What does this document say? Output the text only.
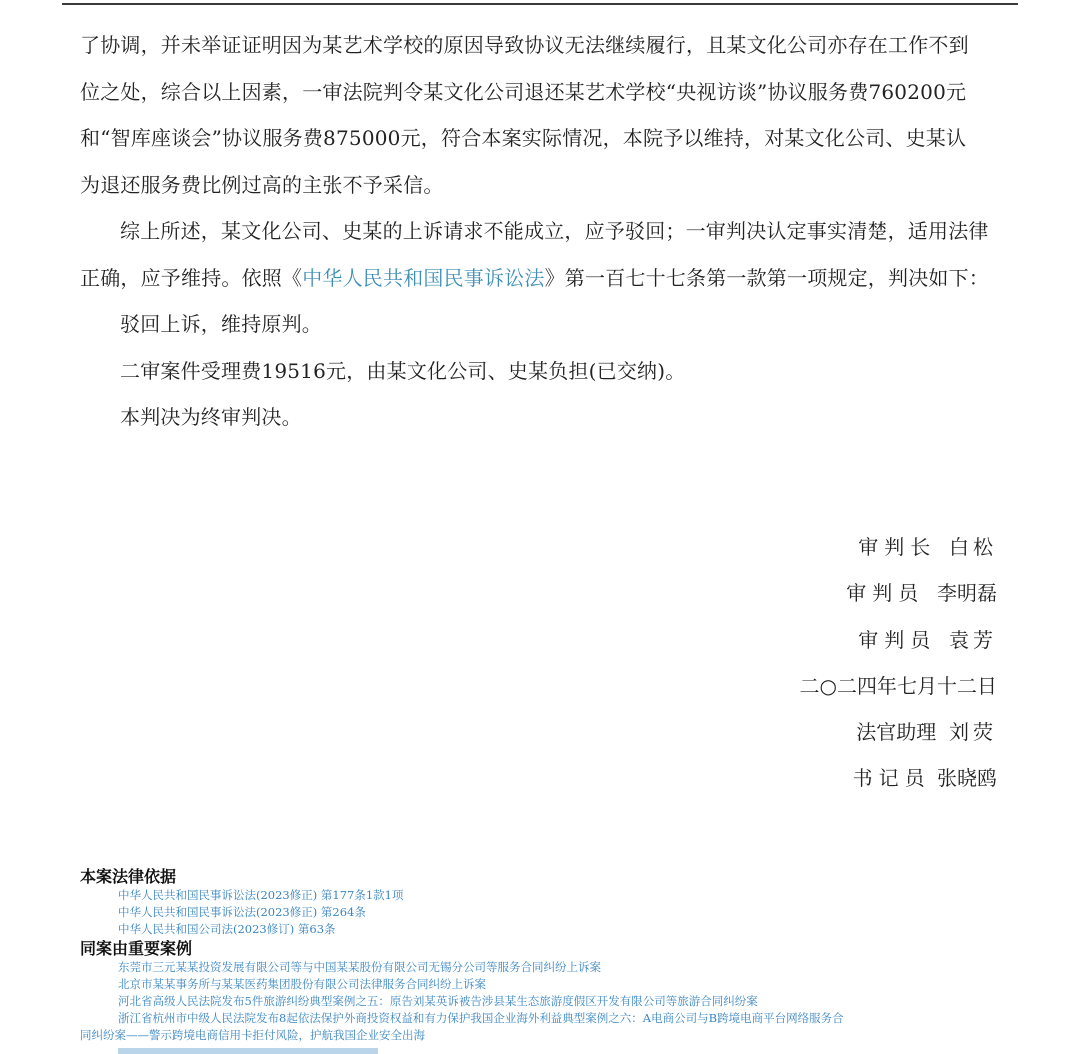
了协调，并未举证证明因为某艺术学校的原因导致协议无法继续履行，且某文化公司亦存在工作不到

位之处，综合以上因素，一审法院判令某文化公司退还某艺术学校“央视访谈”协议服务费760200元

和“智库座谈会”协议服务费875000元，符合本案实际情况，本院予以维持，对某文化公司、史某认

为退还服务费比例过高的主张不予采信。

综上所述，某文化公司、史某的上诉请求不能成立，应予驳回；一审判决认定事实清楚，适用法律正确，应予维持。依照《中华人民共和国民事诉讼法》第一百七十七条第一款第一项规定，判决如下：

驳回上诉，维持原判。

二审案件受理费19516元，由某文化公司、史某负担(已交纳)。

本判决为终审判决。

审判长 白松
审判员 李明磊
审判员 袁芳
二○二四年七月十二日
法官助理 刘荧
书记员 张晓鸥
本案法律依据
中华人民共和国民事诉讼法(2023修正) 第177条1款1项
中华人民共和国民事诉讼法(2023修正) 第264条
中华人民共和国公司法(2023修订) 第63条
同案由重要案例
东莞市三元某某投资发展有限公司等与中国某某股份有限公司无锡分公司等服务合同纠纷上诉案
北京市某某事务所与某某医药集团股份有限公司法律服务合同纠纷上诉案
河北省高级人民法院发布5件旅游纠纷典型案例之五：原告刘某英诉被告涉县某生态旅游度假区开发有限公司等旅游合同纠纷案
浙江省杭州市中级人民法院发布8起依法保护外商投资权益和有力保护我国企业海外利益典型案例之六：A电商公司与B跨境电商平台网络服务合
同纠纷案——警示跨境电商信用卡拒付风险，护航我国企业安全出海
